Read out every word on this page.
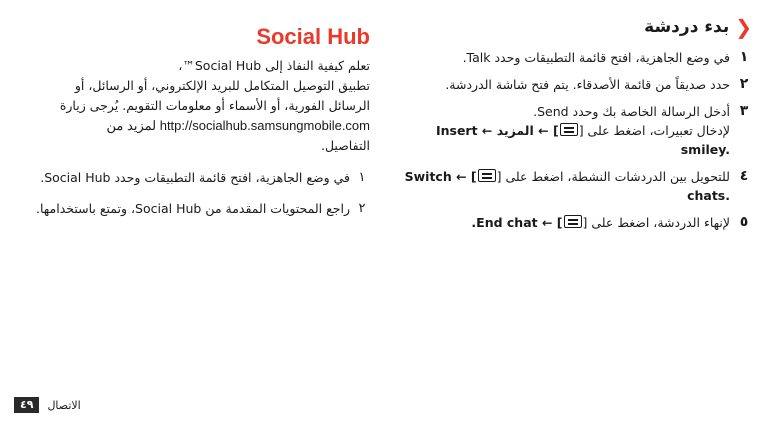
❮
بدء دردشة
١
في وضع الجاهزية، افتح قائمة التطبيقات وحدد Talk.
٢
حدد صديقاً من قائمة الأصدقاء. يتم فتح شاشة الدردشة.
٣
أدخل الرسالة الخاصة بك وحدد Send.
لإدخال تعبيرات، اضغط على [] ← المزيد ← Insert
smiley.
٤
للتحويل بين الدردشات النشطة، اضغط على [] ← Switch
chats.
٥
لإنهاء الدردشة، اضغط على [] ← End chat.
Social Hub
تعلم كيفية النفاذ إلى Social Hub™،
تطبيق التوصيل المتكامل للبريد الإلكتروني، أو الرسائل، أو
الرسائل الفورية، أو الأسماء أو معلومات التقويم. يُرجى زيارة
http://socialhub.samsungmobile.com لمزيد من
التفاصيل.
١
في وضع الجاهزية، افتح قائمة التطبيقات وحدد Social Hub.
٢
راجع المحتويات المقدمة من Social Hub، وتمتع باستخدامها.
٤٩	الاتصال
